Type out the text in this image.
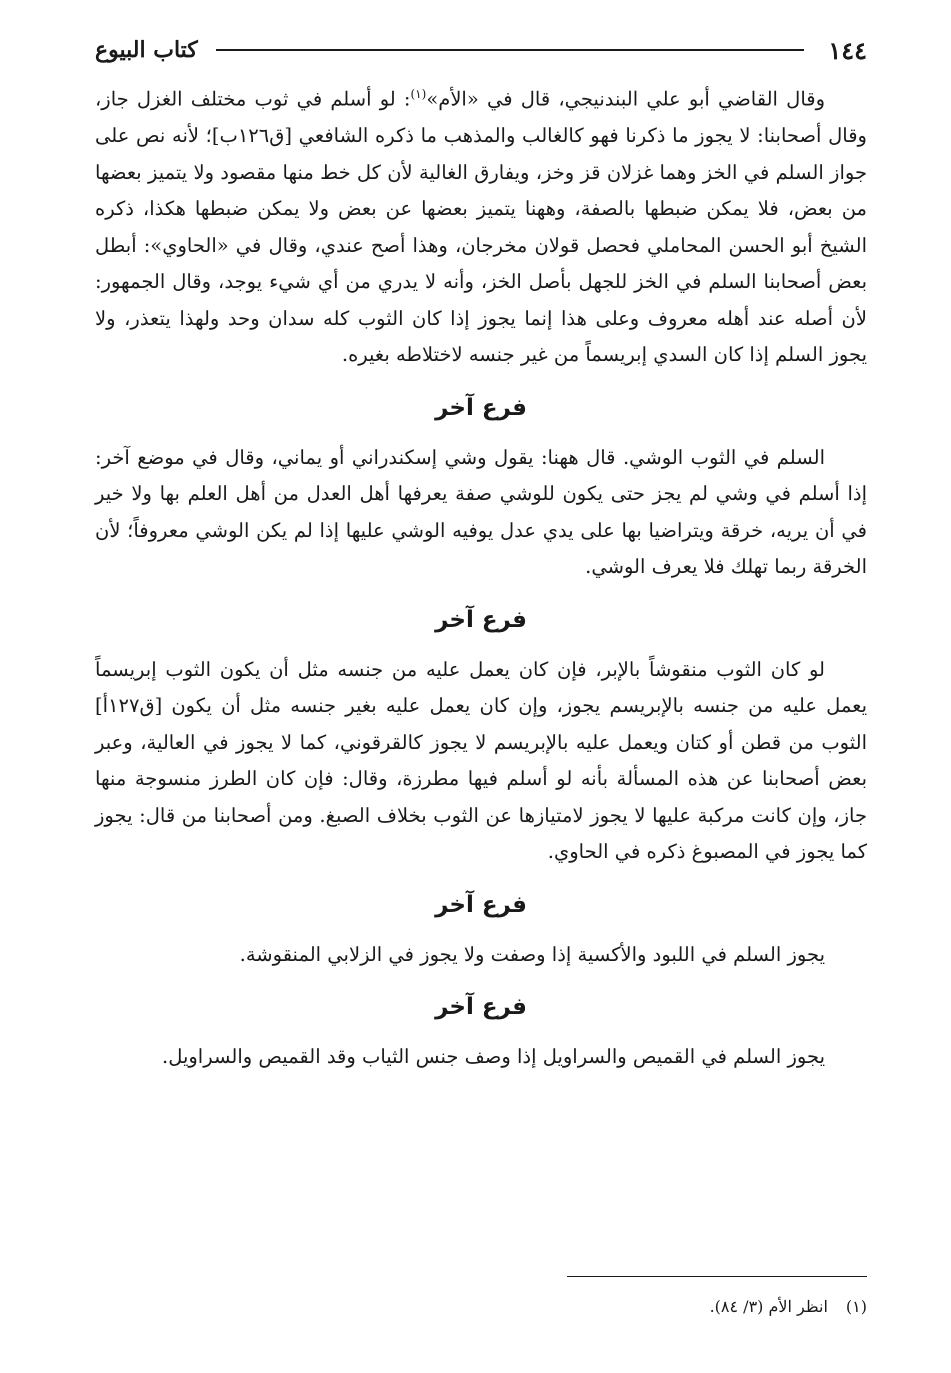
١٤٤
كتاب البيوع

وقال القاضي أبو علي البندنيجي، قال في «الأم»$^{(١)}$: لو أسلم في ثوب مختلف الغزل جاز، وقال أصحابنا: لا يجوز ما ذكرنا فهو كالغالب والمذهب ما ذكره الشافعي [ق١٢٦ب]؛ لأنه نص على جواز السلم في الخز وهما غزلان قز وخز، ويفارق الغالية لأن كل خط منها مقصود ولا يتميز بعضها من بعض، فلا يمكن ضبطها بالصفة، وههنا يتميز بعضها عن بعض ولا يمكن ضبطها هكذا، ذكره الشيخ أبو الحسن المحاملي فحصل قولان مخرجان، وهذا أصح عندي، وقال في «الحاوي»: أبطل بعض أصحابنا السلم في الخز للجهل بأصل الخز، وأنه لا يدري من أي شيء يوجد، وقال الجمهور: لأن أصله عند أهله معروف وعلى هذا إنما يجوز إذا كان الثوب كله سدان وحد ولهذا يتعذر، ولا يجوز السلم إذا كان السدي إبريسماً من غير جنسه لاختلاطه بغيره.

فرع آخر

السلم في الثوب الوشي. قال ههنا: يقول وشي إسكندراني أو يماني، وقال في موضع آخر: إذا أسلم في وشي لم يجز حتى يكون للوشي صفة يعرفها أهل العدل من أهل العلم بها ولا خير في أن يريه، خرقة ويتراضيا بها على يدي عدل يوفيه الوشي عليها إذا لم يكن الوشي معروفاً؛ لأن الخرقة ربما تهلك فلا يعرف الوشي.

فرع آخر

لو كان الثوب منقوشاً بالإبر، فإن كان يعمل عليه من جنسه مثل أن يكون الثوب إبريسماً يعمل عليه من جنسه بالإبريسم يجوز، وإن كان يعمل عليه بغير جنسه مثل أن يكون [ق١٢٧أ] الثوب من قطن أو كتان ويعمل عليه بالإبريسم لا يجوز كالقرقوني، كما لا يجوز في العالية، وعبر بعض أصحابنا عن هذه المسألة بأنه لو أسلم فيها مطرزة، وقال: فإن كان الطرز منسوجة منها جاز، وإن كانت مركبة عليها لا يجوز لامتيازها عن الثوب بخلاف الصبغ. ومن أصحابنا من قال: يجوز كما يجوز في المصبوغ ذكره في الحاوي.

فرع آخر

يجوز السلم في اللبود والأكسية إذا وصفت ولا يجوز في الزلابي المنقوشة.

فرع آخر

يجوز السلم في القميص والسراويل إذا وصف جنس الثياب وقد القميص والسراويل.

(١)انظر الأم (٣/ ٨٤).
